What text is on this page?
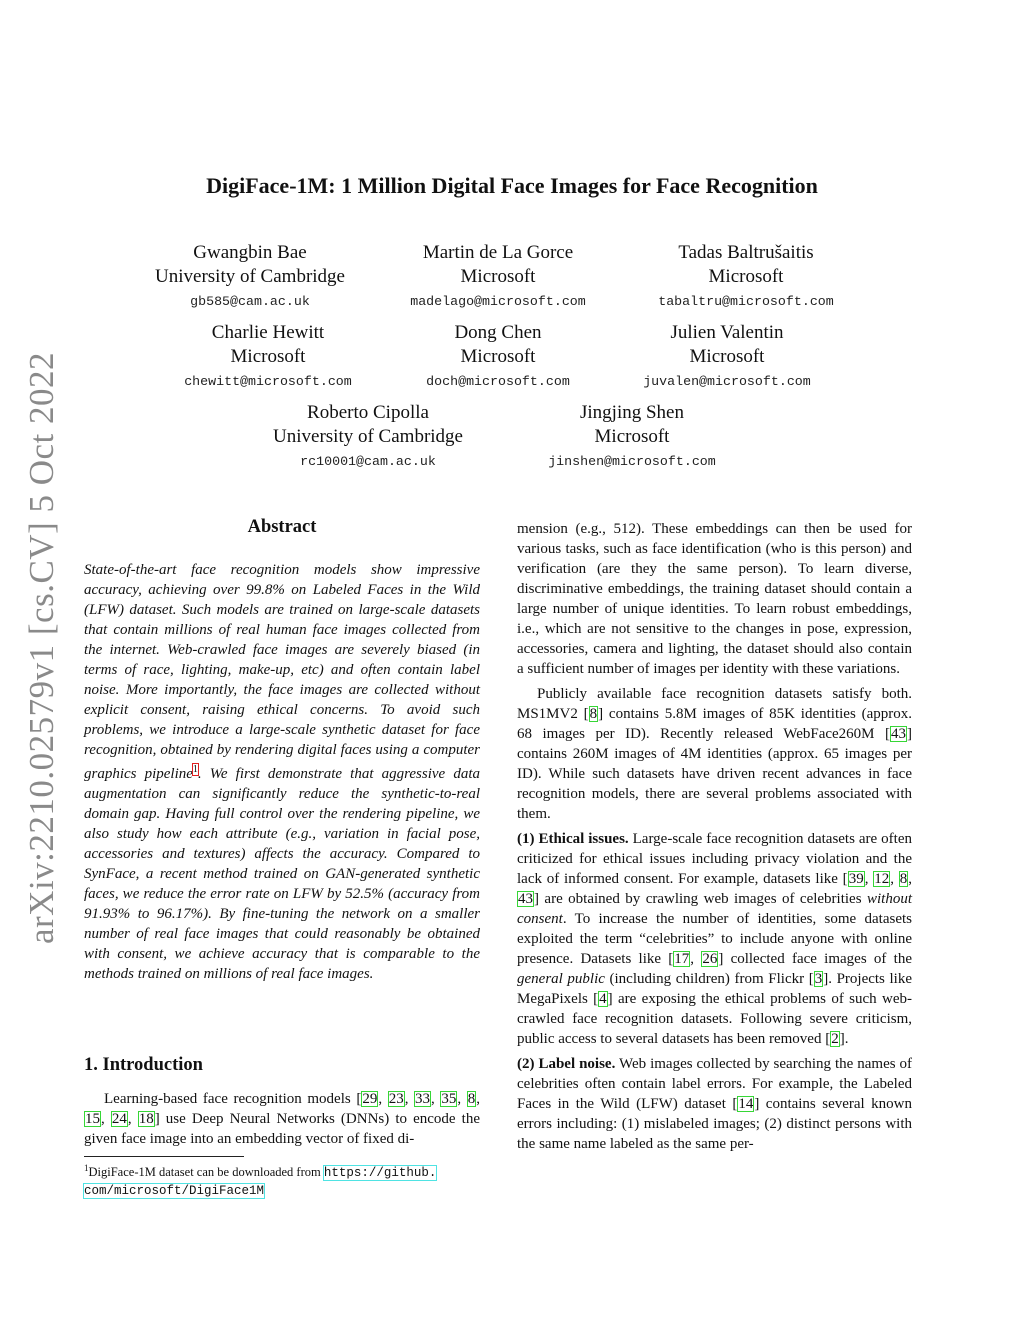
arXiv:2210.02579v1 [cs.CV] 5 Oct 2022
DigiFace-1M: 1 Million Digital Face Images for Face Recognition
Gwangbin Bae
University of Cambridge
gb585@cam.ac.uk
Martin de La Gorce
Microsoft
madelago@microsoft.com
Tadas Baltrušaitis
Microsoft
tabaltru@microsoft.com
Charlie Hewitt
Microsoft
chewitt@microsoft.com
Dong Chen
Microsoft
doch@microsoft.com
Julien Valentin
Microsoft
juvalen@microsoft.com
Roberto Cipolla
University of Cambridge
rc10001@cam.ac.uk
Jingjing Shen
Microsoft
jinshen@microsoft.com
Abstract

State-of-the-art face recognition models show impressive accuracy, achieving over 99.8% on Labeled Faces in the Wild (LFW) dataset. Such models are trained on large-scale datasets that contain millions of real human face images collected from the internet. Web-crawled face images are severely biased (in terms of race, lighting, make-up, etc) and often contain label noise. More importantly, the face images are collected without explicit consent, raising ethical concerns. To avoid such problems, we introduce a large-scale synthetic dataset for face recognition, obtained by rendering digital faces using a computer graphics pipeline$^1$. We first demonstrate that aggressive data augmentation can significantly reduce the synthetic-to-real domain gap. Having full control over the rendering pipeline, we also study how each attribute (e.g., variation in facial pose, accessories and textures) affects the accuracy. Compared to SynFace, a recent method trained on GAN-generated synthetic faces, we reduce the error rate on LFW by 52.5% (accuracy from 91.93% to 96.17%). By fine-tuning the network on a smaller number of real face images that could reasonably be obtained with consent, we achieve accuracy that is comparable to the methods trained on millions of real face images.

1. Introduction

Learning-based face recognition models [29, 23, 33, 35, 8, 15, 24, 18] use Deep Neural Networks (DNNs) to encode the given face image into an embedding vector of fixed di-

$^1$DigiFace-1M dataset can be downloaded from https://github.
com/microsoft/DigiFace1M

mension (e.g., 512). These embeddings can then be used for various tasks, such as face identification (who is this person) and verification (are they the same person). To learn diverse, discriminative embeddings, the training dataset should contain a large number of unique identities. To learn robust embeddings, i.e., which are not sensitive to the changes in pose, expression, accessories, camera and lighting, the dataset should also contain a sufficient number of images per identity with these variations.

Publicly available face recognition datasets satisfy both. MS1MV2 [8] contains 5.8M images of 85K identities (approx. 68 images per ID). Recently released WebFace260M [43] contains 260M images of 4M identities (approx. 65 images per ID). While such datasets have driven recent advances in face recognition models, there are several problems associated with them.

(1) Ethical issues. Large-scale face recognition datasets are often criticized for ethical issues including privacy violation and the lack of informed consent. For example, datasets like [39, 12, 8, 43] are obtained by crawling web images of celebrities without consent. To increase the number of identities, some datasets exploited the term “celebrities” to include anyone with online presence. Datasets like [17, 26] collected face images of the general public (including children) from Flickr [3]. Projects like MegaPixels [4] are exposing the ethical problems of such web-crawled face recognition datasets. Following severe criticism, public access to several datasets has been removed [2].

(2) Label noise. Web images collected by searching the names of celebrities often contain label errors. For example, the Labeled Faces in the Wild (LFW) dataset [14] contains several known errors including: (1) mislabeled images; (2) distinct persons with the same name labeled as the same per-
